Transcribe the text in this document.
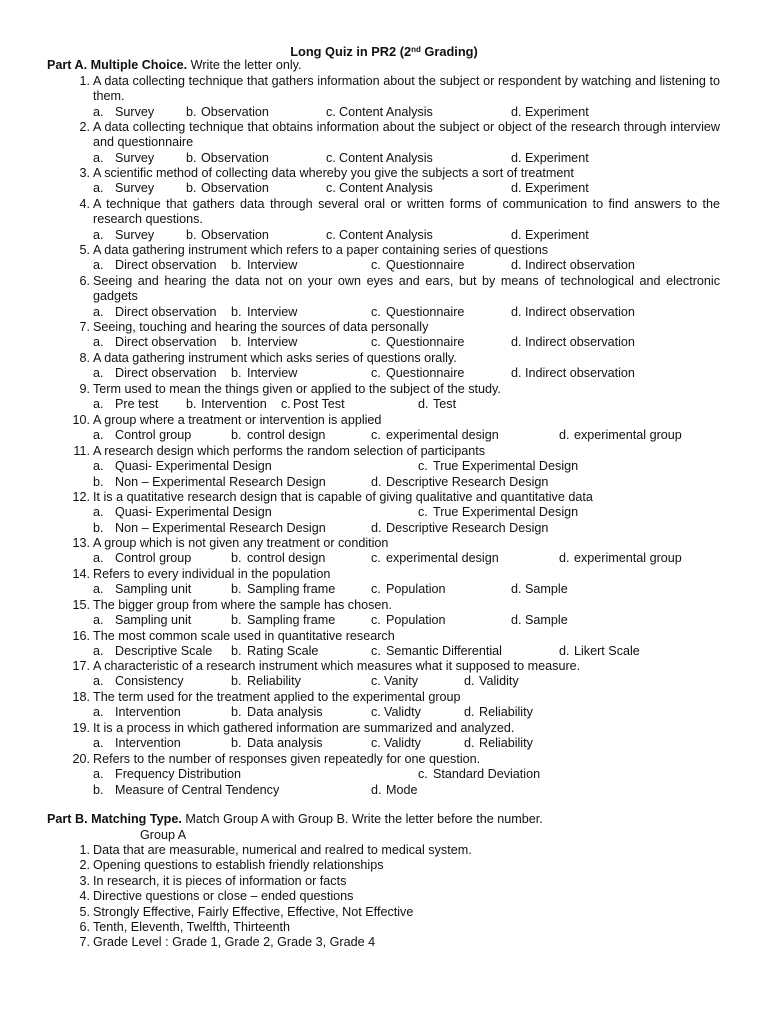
Long Quiz in PR2 (2nd Grading)
Part A. Multiple Choice. Write the letter only.
1. A data collecting technique that gathers information about the subject or respondent by watching and listening to them.
a. Survey	b. Observation	c. Content Analysis	d. Experiment
2. A data collecting technique that obtains information about the subject or object of the research through interview and questionnaire
a. Survey	b. Observation	c. Content Analysis	d. Experiment
3. A scientific method of collecting data whereby you give the subjects a sort of treatment
a. Survey	b. Observation	c. Content Analysis	d. Experiment
4. A technique that gathers data through several oral or written forms of communication to find answers to the research questions.
a. Survey	b. Observation	c. Content Analysis	d. Experiment
5. A data gathering instrument which refers to a paper containing series of questions
a. Direct observation b. Interview	c. Questionnaire	d. Indirect observation
6. Seeing and hearing the data not on your own eyes and ears, but by means of technological and electronic gadgets
a. Direct observation b. Interview	c. Questionnaire	d. Indirect observation
7. Seeing, touching and hearing the sources of data personally
a. Direct observation b. Interview	c. Questionnaire	d. Indirect observation
8. A data gathering instrument which asks series of questions orally.
a. Direct observation b. Interview	c. Questionnaire	d. Indirect observation
9. Term used to mean the things given or applied to the subject of the study.
a. Pre test b. Intervention c. Post Test	d. Test
10. A group where a treatment or intervention is applied
a. Control group	b. control design	c. experimental design	d. experimental group
11. A research design which performs the random selection of participants
a. Quasi- Experimental Design	c. True Experimental Design
b. Non – Experimental Research Design	d. Descriptive Research Design
12. It is a quatitative research design that is capable of giving qualitative and quantitative data
a. Quasi- Experimental Design	c. True Experimental Design
b. Non – Experimental Research Design	d. Descriptive Research Design
13. A group which is not given any treatment or condition
a. Control group	b. control design	c. experimental design	d. experimental group
14. Refers to every individual in the population
a. Sampling unit	b. Sampling frame	c. Population	d. Sample
15. The bigger group from where the sample has chosen.
a. Sampling unit	b. Sampling frame	c. Population	d. Sample
16. The most common scale used in quantitative research
a. Descriptive Scale b. Rating Scale	c. Semantic Differential	d. Likert Scale
17. A characteristic of a research instrument which measures what it supposed to measure.
a. Consistency	b. Reliability	c. Vanity	d. Validity
18. The term used for the treatment applied to the experimental group
a. Intervention	b. Data analysis	c. Validty	d. Reliability
19. It is a process in which gathered information are summarized and analyzed.
a. Intervention	b. Data analysis	c. Validty	d. Reliability
20. Refers to the number of responses given repeatedly for one question.
a. Frequency Distribution	c. Standard Deviation
b. Measure of Central Tendency	d. Mode
Part B. Matching Type. Match Group A with Group B. Write the letter before the number.
Group A
1. Data that are measurable, numerical and realred to medical system.
2. Opening questions to establish friendly relationships
3. In research, it is pieces of information or facts
4. Directive questions or close – ended questions
5. Strongly Effective, Fairly Effective, Effective, Not Effective
6. Tenth, Eleventh, Twelfth, Thirteenth
7. Grade Level : Grade 1, Grade 2, Grade 3, Grade 4
